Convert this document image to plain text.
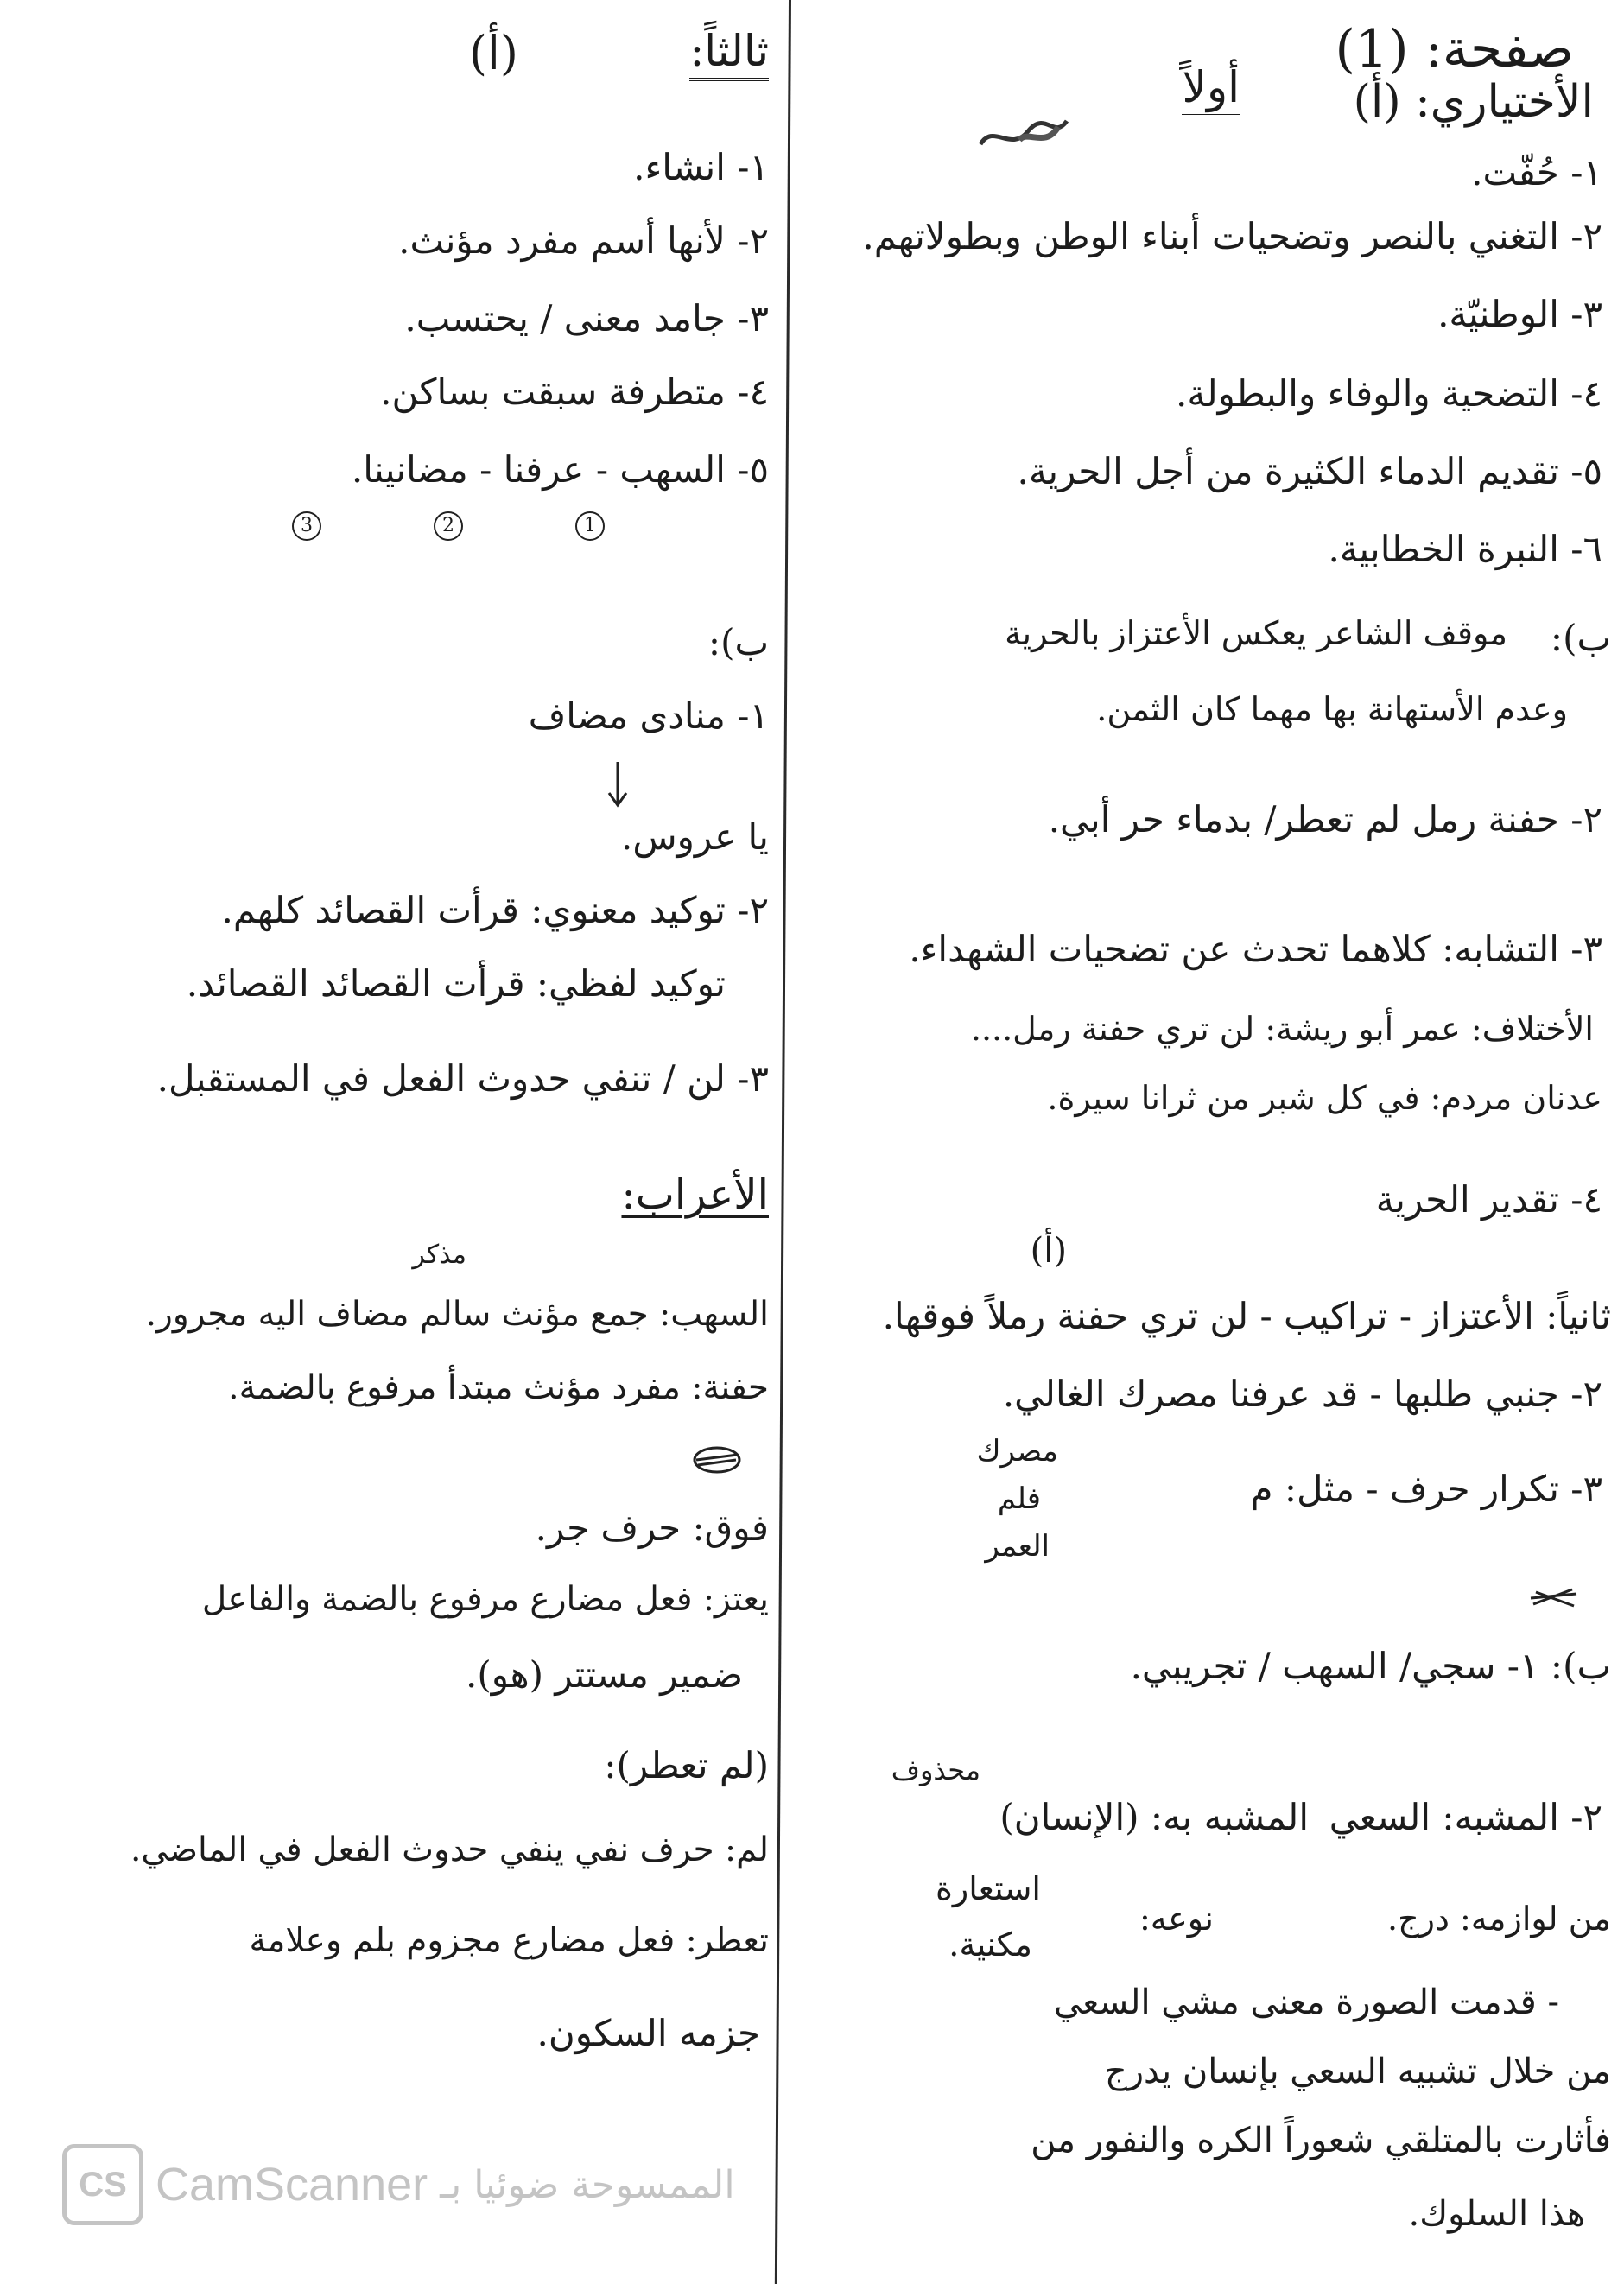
صفحة: (1)
الأختياري: (أ)
أولاً
١- حُفّت.
٢- التغني بالنصر وتضحيات أبناء الوطن وبطولاتهم.
٣- الوطنيّة.
٤- التضحية والوفاء والبطولة.
٥- تقديم الدماء الكثيرة من أجل الحرية.
٦- النبرة الخطابية.
ب):
موقف الشاعر يعكس الأعتزاز بالحرية
وعدم الأستهانة بها مهما كان الثمن.
٢- حفنة رمل لم تعطر/ بدماء حر أبي.
٣- التشابه: كلاهما تحدث عن تضحيات الشهداء.
الأختلاف: عمر أبو ريشة: لن تري حفنة رمل....
عدنان مردم: في كل شبر من ثرانا سيرة.
٤- تقدير الحرية
(أ)
ثانياً: الأعتزاز - تراكيب - لن تري حفنة رملاً فوقها.
٢- جنبي طلبها - قد عرفنا مصرك الغالي.
٣- تكرار حرف - مثل: م
مصرك
فلم
العمر
ب): ١- سجي/ السهب / تجريبي.
٢- المشبه: السعي
المشبه به: (الإنسان)
محذوف
من لوازمه: درج.
نوعه:
استعارة
مكنية.
- قدمت الصورة معنى مشي السعي
من خلال تشبيه السعي بإنسان يدرج
فأثارت بالمتلقي شعوراً الكره والنفور من
هذا السلوك.
ثالثاً:
(أ)
١- انشاء.
٢- لأنها أسم مفرد مؤنث.
٣- جامد معنى / يحتسب.
٤- متطرفة سبقت بساكن.
٥- السهب - عرفنا - مضانينا.
3	2	1
ب):
١- منادى مضاف
يا عروس.
٢- توكيد معنوي: قرأت القصائد كلهم.
توكيد لفظي: قرأت القصائد القصائد.
٣- لن / تنفي حدوث الفعل في المستقبل.
الأعراب:
مذكر
السهب: جمع مؤنث سالم مضاف اليه مجرور.
حفنة: مفرد مؤنث مبتدأ مرفوع بالضمة.
فوق: حرف جر.
يعتز: فعل مضارع مرفوع بالضمة والفاعل
ضمير مستتر (هو).
(لم تعطر):
لم: حرف نفي ينفي حدوث الفعل في الماضي.
تعطر: فعل مضارع مجزوم بلم وعلامة
جزمه السكون.
CS CamScanner الممسوحة ضوئيا بـ
